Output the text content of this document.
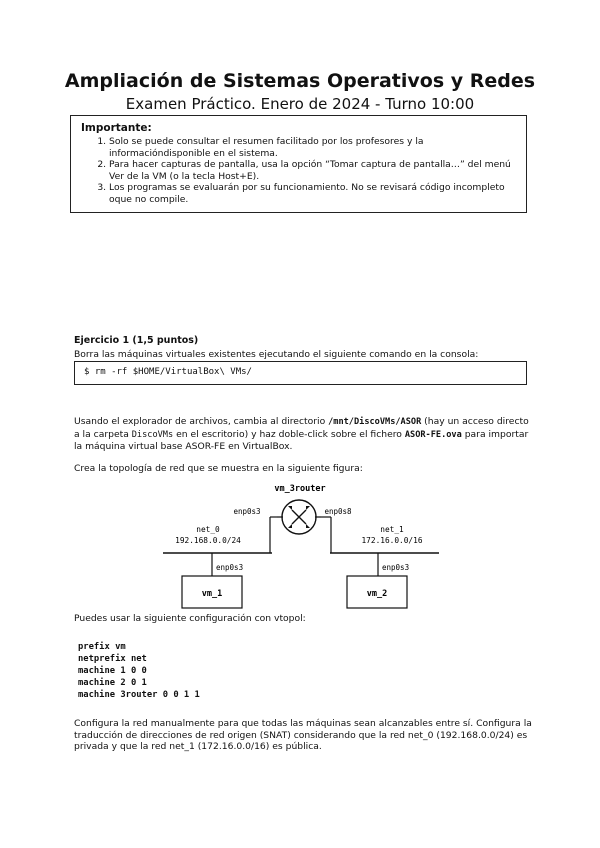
Ampliación de Sistemas Operativos y Redes
Examen Práctico. Enero de 2024 - Turno 10:00
Importante:
1. Solo se puede consultar el resumen facilitado por los profesores y la informacióndisponible en el sistema.
2. Para hacer capturas de pantalla, usa la opción “Tomar captura de pantalla…” del menú Ver de la VM (o la tecla Host+E).
3. Los programas se evaluarán por su funcionamiento. No se revisará código incompleto oque no compile.
Ejercicio 1 (1,5 puntos)
Borra las máquinas virtuales existentes ejecutando el siguiente comando en la consola:
$ rm -rf $HOME/VirtualBox\ VMs/
Usando el explorador de archivos, cambia al directorio /mnt/DiscoVMs/ASOR (hay un acceso directo a la carpeta DiscoVMs en el escritorio) y haz doble-click sobre el fichero ASOR-FE.ova para importar la máquina virtual base ASOR-FE en VirtualBox.
Crea la topología de red que se muestra en la siguiente figura:
vm_3router
enp0s3	enp0s8
net_0
192.168.0.0/24
net_1
172.16.0.0/16
enp0s3	enp0s3
vm_1	vm_2
Puedes usar la siguiente configuración con vtopol:
prefix vm
netprefix net
machine 1 0 0
machine 2 0 1
machine 3router 0 0 1 1
Configura la red manualmente para que todas las máquinas sean alcanzables entre sí. Configura la traducción de direcciones de red origen (SNAT) considerando que la red net_0 (192.168.0.0/24) es privada y que la red net_1 (172.16.0.0/16) es pública.
